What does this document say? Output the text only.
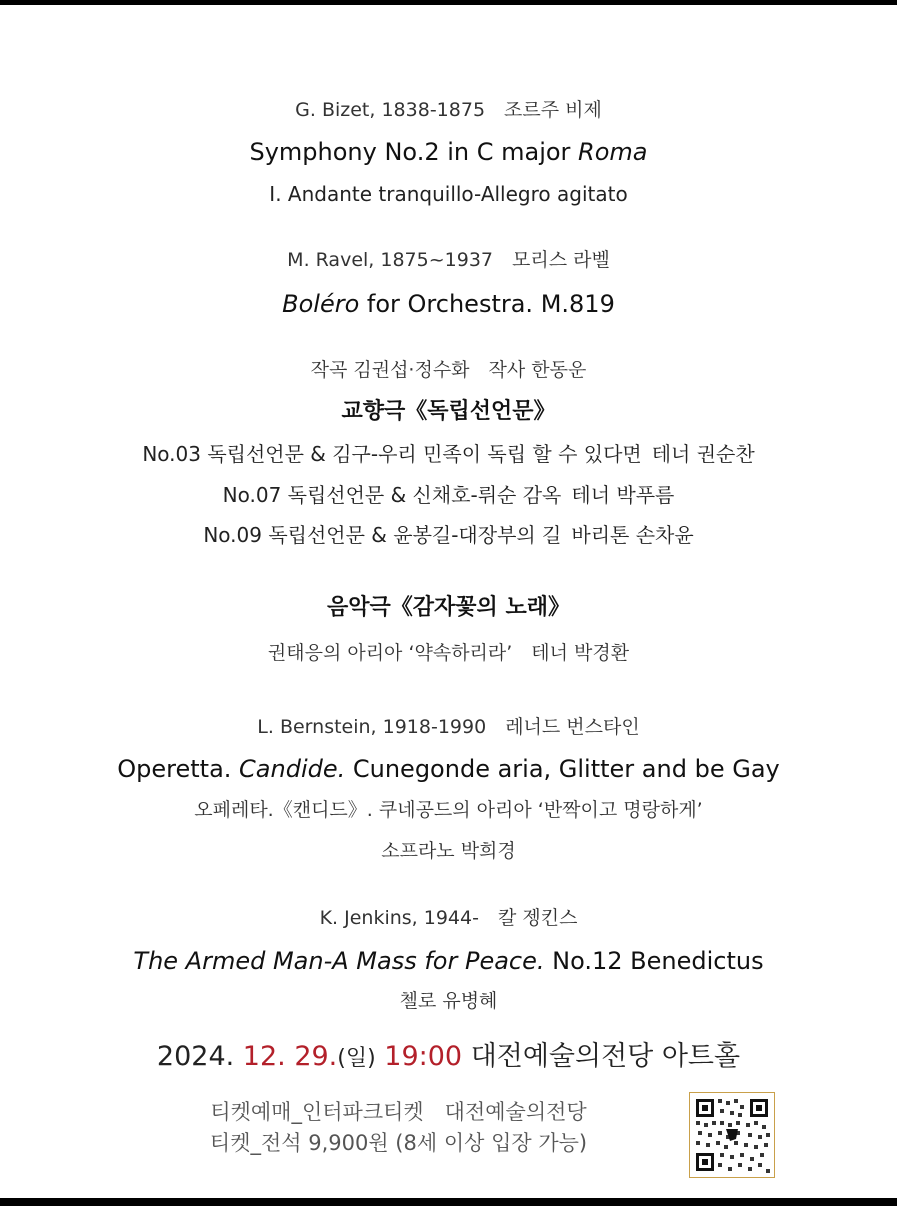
G. Bizet, 1838-1875 조르주 비제
Symphony No.2 in C major Roma
I. Andante tranquillo-Allegro agitato
M. Ravel, 1875~1937 모리스 라벨
Boléro for Orchestra. M.819
작곡 김권섭·정수화 작사 한동운
교향극《독립선언문》
No.03 독립선언문 & 김구-우리 민족이 독립 할 수 있다면 테너 권순찬
No.07 독립선언문 & 신채호-뤼순 감옥 테너 박푸름
No.09 독립선언문 & 윤봉길-대장부의 길 바리톤 손차윤
음악극《감자꽃의 노래》
권태응의 아리아 ‘약속하리라’ 테너 박경환
L. Bernstein, 1918-1990 레너드 번스타인
Operetta. Candide. Cunegonde aria, Glitter and be Gay
오페레타.《캔디드》. 쿠네공드의 아리아 ‘반짝이고 명랑하게’
소프라노 박희경
K. Jenkins, 1944- 칼 젱킨스
The Armed Man-A Mass for Peace. No.12 Benedictus
첼로 유병혜
2024. 12. 29.(일) 19:00 대전예술의전당 아트홀
티켓예매_인터파크티켓 대전예술의전당
티켓_전석 9,900원 (8세 이상 입장 가능)
